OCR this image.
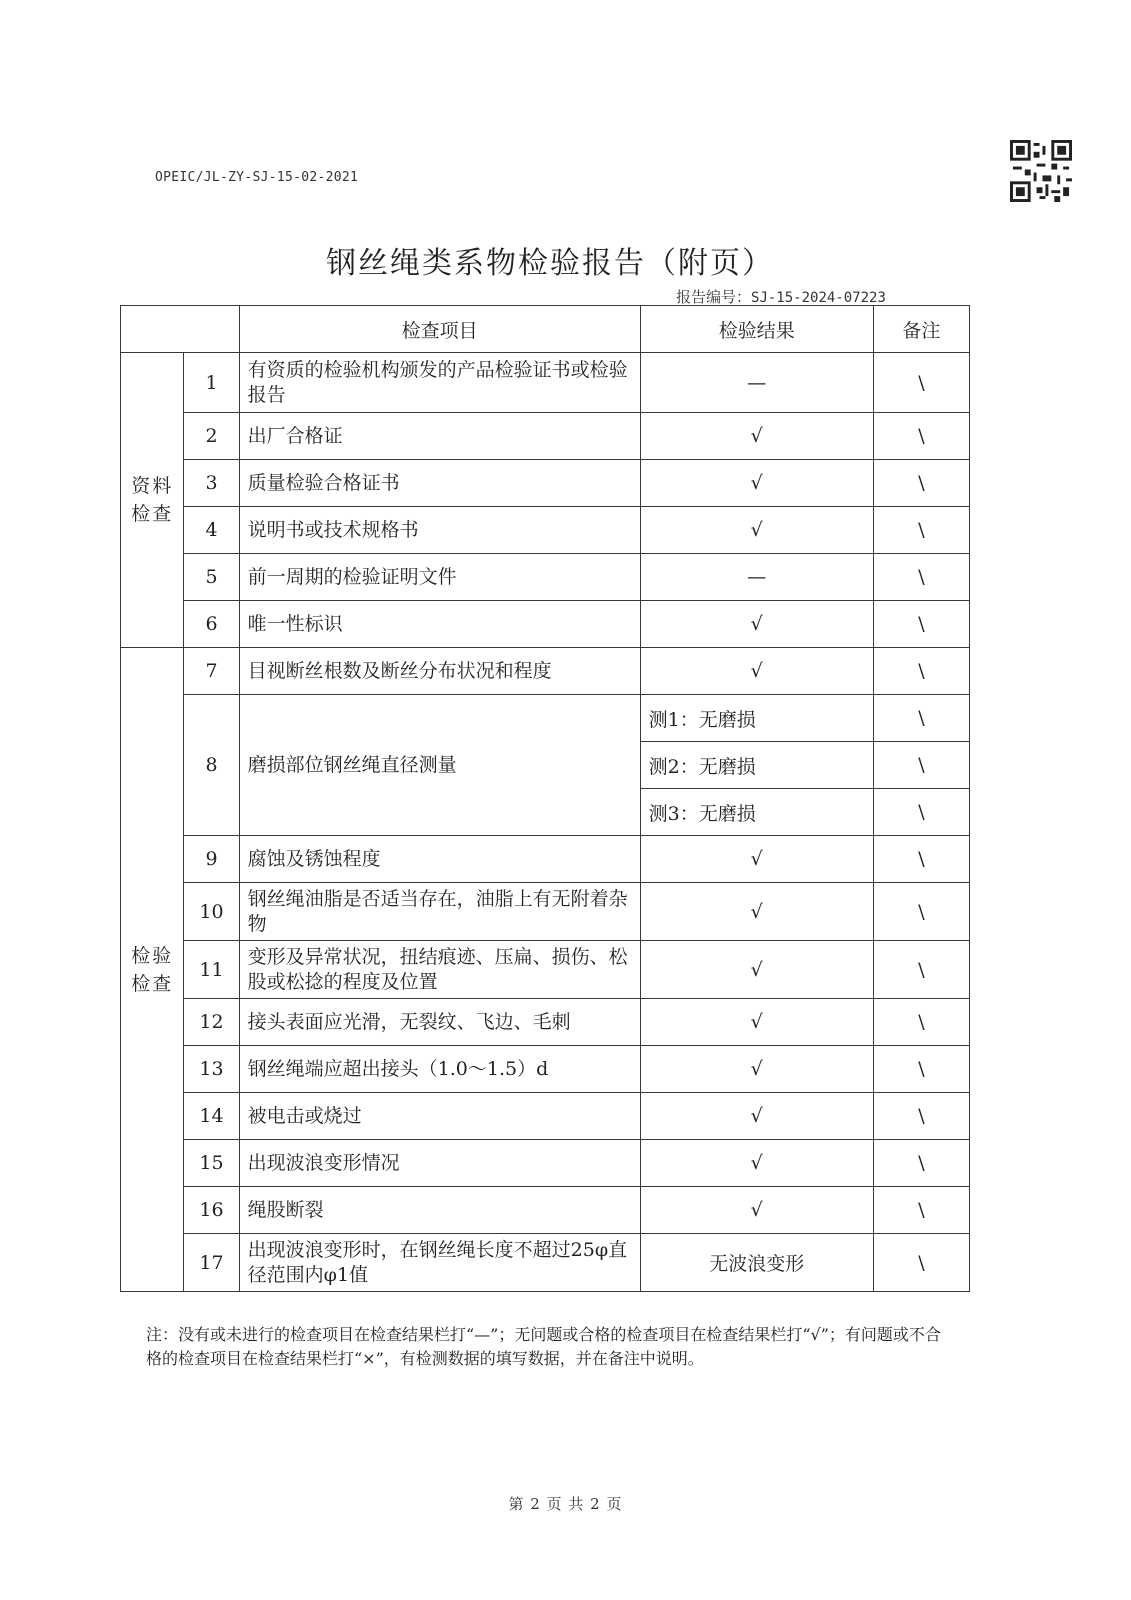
OPEIC/JL-ZY-SJ-15-02-2021
钢丝绳类系物检验报告（附页）
报告编号：SJ-15-2024-07223
		检查项目	检验结果	备注
资料检查	1	有资质的检验机构颁发的产品检验证书或检验报告	—	\
	2	出厂合格证	√	\
	3	质量检验合格证书	√	\
	4	说明书或技术规格书	√	\
	5	前一周期的检验证明文件	—	\
	6	唯一性标识	√	\
检验检查	7	目视断丝根数及断丝分布状况和程度	√	\
	8	磨损部位钢丝绳直径测量	测1：无磨损	\
			测2：无磨损	\
			测3：无磨损	\
	9	腐蚀及锈蚀程度	√	\
	10	钢丝绳油脂是否适当存在，油脂上有无附着杂物	√	\
	11	变形及异常状况，扭结痕迹、压扁、损伤、松股或松捻的程度及位置	√	\
	12	接头表面应光滑，无裂纹、飞边、毛刺	√	\
	13	钢丝绳端应超出接头（1.0～1.5）d	√	\
	14	被电击或烧过	√	\
	15	出现波浪变形情况	√	\
	16	绳股断裂	√	\
	17	出现波浪变形时，在钢丝绳长度不超过25φ直径范围内φ1值	无波浪变形	\
注：没有或未进行的检查项目在检查结果栏打“—”；无问题或合格的检查项目在检查结果栏打“√”；有问题或不合格的检查项目在检查结果栏打“×”，有检测数据的填写数据，并在备注中说明。
第 2 页 共 2 页
